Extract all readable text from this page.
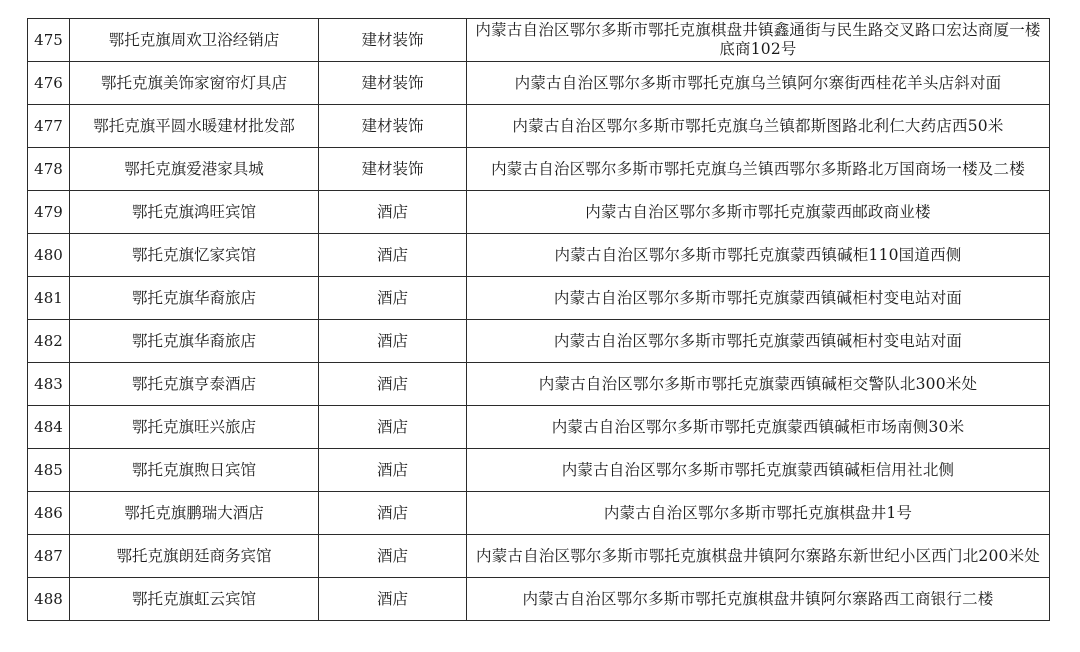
475	鄂托克旗周欢卫浴经销店	建材装饰	内蒙古自治区鄂尔多斯市鄂托克旗棋盘井镇鑫通街与民生路交叉路口宏达商厦一楼底商102号
476	鄂托克旗美饰家窗帘灯具店	建材装饰	内蒙古自治区鄂尔多斯市鄂托克旗乌兰镇阿尔寨街西桂花羊头店斜对面
477	鄂托克旗平圆水暖建材批发部	建材装饰	内蒙古自治区鄂尔多斯市鄂托克旗乌兰镇都斯图路北利仁大药店西50米
478	鄂托克旗爱港家具城	建材装饰	内蒙古自治区鄂尔多斯市鄂托克旗乌兰镇西鄂尔多斯路北万国商场一楼及二楼
479	鄂托克旗鸿旺宾馆	酒店	内蒙古自治区鄂尔多斯市鄂托克旗蒙西邮政商业楼
480	鄂托克旗忆家宾馆	酒店	内蒙古自治区鄂尔多斯市鄂托克旗蒙西镇碱柜110国道西侧
481	鄂托克旗华裔旅店	酒店	内蒙古自治区鄂尔多斯市鄂托克旗蒙西镇碱柜村变电站对面
482	鄂托克旗华裔旅店	酒店	内蒙古自治区鄂尔多斯市鄂托克旗蒙西镇碱柜村变电站对面
483	鄂托克旗亨泰酒店	酒店	内蒙古自治区鄂尔多斯市鄂托克旗蒙西镇碱柜交警队北300米处
484	鄂托克旗旺兴旅店	酒店	内蒙古自治区鄂尔多斯市鄂托克旗蒙西镇碱柜市场南侧30米
485	鄂托克旗煦日宾馆	酒店	内蒙古自治区鄂尔多斯市鄂托克旗蒙西镇碱柜信用社北侧
486	鄂托克旗鹏瑞大酒店	酒店	内蒙古自治区鄂尔多斯市鄂托克旗棋盘井1号
487	鄂托克旗朗廷商务宾馆	酒店	内蒙古自治区鄂尔多斯市鄂托克旗棋盘井镇阿尔寨路东新世纪小区西门北200米处
488	鄂托克旗虹云宾馆	酒店	内蒙古自治区鄂尔多斯市鄂托克旗棋盘井镇阿尔寨路西工商银行二楼
